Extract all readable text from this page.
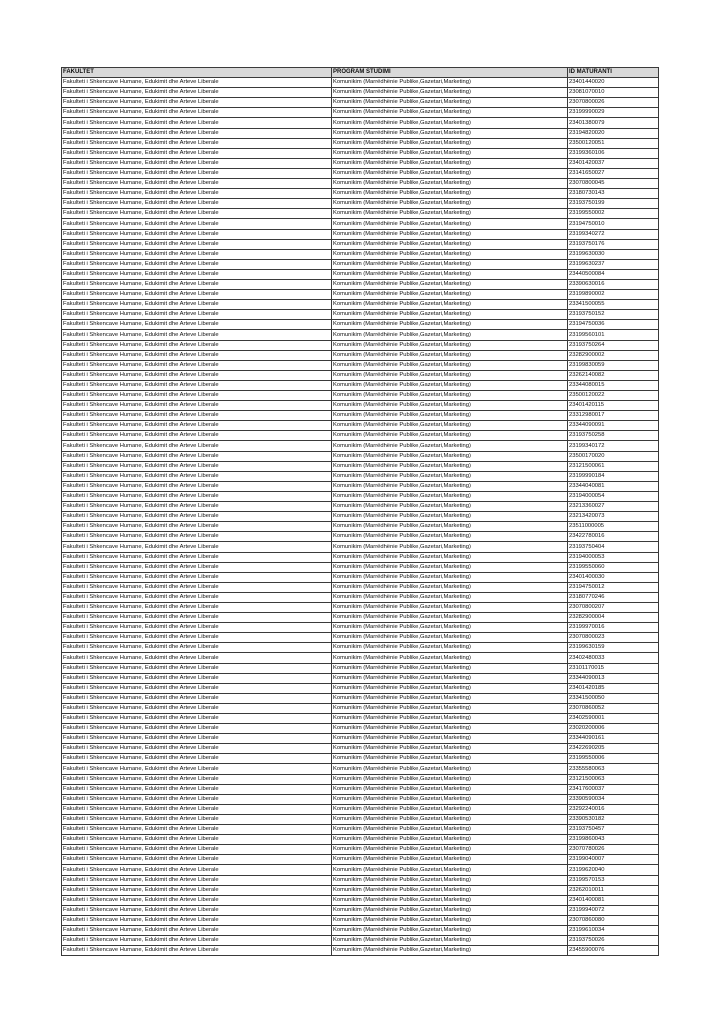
FAKULTET	PROGRAM STUDIMI	ID MATURANTI
Fakulteti i Shkencave Humane, Edukimit dhe Arteve Liberale	Komunikim (Marrëdhënie Publike,Gazetari,Marketing)	23401440020
Fakulteti i Shkencave Humane, Edukimit dhe Arteve Liberale	Komunikim (Marrëdhënie Publike,Gazetari,Marketing)	23081070010
Fakulteti i Shkencave Humane, Edukimit dhe Arteve Liberale	Komunikim (Marrëdhënie Publike,Gazetari,Marketing)	23070800026
Fakulteti i Shkencave Humane, Edukimit dhe Arteve Liberale	Komunikim (Marrëdhënie Publike,Gazetari,Marketing)	23199990029
Fakulteti i Shkencave Humane, Edukimit dhe Arteve Liberale	Komunikim (Marrëdhënie Publike,Gazetari,Marketing)	23401380079
Fakulteti i Shkencave Humane, Edukimit dhe Arteve Liberale	Komunikim (Marrëdhënie Publike,Gazetari,Marketing)	23194820020
Fakulteti i Shkencave Humane, Edukimit dhe Arteve Liberale	Komunikim (Marrëdhënie Publike,Gazetari,Marketing)	23500120051
Fakulteti i Shkencave Humane, Edukimit dhe Arteve Liberale	Komunikim (Marrëdhënie Publike,Gazetari,Marketing)	23199360106
Fakulteti i Shkencave Humane, Edukimit dhe Arteve Liberale	Komunikim (Marrëdhënie Publike,Gazetari,Marketing)	23401420037
Fakulteti i Shkencave Humane, Edukimit dhe Arteve Liberale	Komunikim (Marrëdhënie Publike,Gazetari,Marketing)	23141650027
Fakulteti i Shkencave Humane, Edukimit dhe Arteve Liberale	Komunikim (Marrëdhënie Publike,Gazetari,Marketing)	23070800045
Fakulteti i Shkencave Humane, Edukimit dhe Arteve Liberale	Komunikim (Marrëdhënie Publike,Gazetari,Marketing)	23180730143
Fakulteti i Shkencave Humane, Edukimit dhe Arteve Liberale	Komunikim (Marrëdhënie Publike,Gazetari,Marketing)	23193750199
Fakulteti i Shkencave Humane, Edukimit dhe Arteve Liberale	Komunikim (Marrëdhënie Publike,Gazetari,Marketing)	23199550002
Fakulteti i Shkencave Humane, Edukimit dhe Arteve Liberale	Komunikim (Marrëdhënie Publike,Gazetari,Marketing)	23194750010
Fakulteti i Shkencave Humane, Edukimit dhe Arteve Liberale	Komunikim (Marrëdhënie Publike,Gazetari,Marketing)	23199340272
Fakulteti i Shkencave Humane, Edukimit dhe Arteve Liberale	Komunikim (Marrëdhënie Publike,Gazetari,Marketing)	23193750176
Fakulteti i Shkencave Humane, Edukimit dhe Arteve Liberale	Komunikim (Marrëdhënie Publike,Gazetari,Marketing)	23199630030
Fakulteti i Shkencave Humane, Edukimit dhe Arteve Liberale	Komunikim (Marrëdhënie Publike,Gazetari,Marketing)	23199630237
Fakulteti i Shkencave Humane, Edukimit dhe Arteve Liberale	Komunikim (Marrëdhënie Publike,Gazetari,Marketing)	23440500084
Fakulteti i Shkencave Humane, Edukimit dhe Arteve Liberale	Komunikim (Marrëdhënie Publike,Gazetari,Marketing)	23390630016
Fakulteti i Shkencave Humane, Edukimit dhe Arteve Liberale	Komunikim (Marrëdhënie Publike,Gazetari,Marketing)	23199890002
Fakulteti i Shkencave Humane, Edukimit dhe Arteve Liberale	Komunikim (Marrëdhënie Publike,Gazetari,Marketing)	23341500055
Fakulteti i Shkencave Humane, Edukimit dhe Arteve Liberale	Komunikim (Marrëdhënie Publike,Gazetari,Marketing)	23193750152
Fakulteti i Shkencave Humane, Edukimit dhe Arteve Liberale	Komunikim (Marrëdhënie Publike,Gazetari,Marketing)	23194750036
Fakulteti i Shkencave Humane, Edukimit dhe Arteve Liberale	Komunikim (Marrëdhënie Publike,Gazetari,Marketing)	23199560101
Fakulteti i Shkencave Humane, Edukimit dhe Arteve Liberale	Komunikim (Marrëdhënie Publike,Gazetari,Marketing)	23193750264
Fakulteti i Shkencave Humane, Edukimit dhe Arteve Liberale	Komunikim (Marrëdhënie Publike,Gazetari,Marketing)	23282900002
Fakulteti i Shkencave Humane, Edukimit dhe Arteve Liberale	Komunikim (Marrëdhënie Publike,Gazetari,Marketing)	23199830059
Fakulteti i Shkencave Humane, Edukimit dhe Arteve Liberale	Komunikim (Marrëdhënie Publike,Gazetari,Marketing)	23262140082
Fakulteti i Shkencave Humane, Edukimit dhe Arteve Liberale	Komunikim (Marrëdhënie Publike,Gazetari,Marketing)	23344080015
Fakulteti i Shkencave Humane, Edukimit dhe Arteve Liberale	Komunikim (Marrëdhënie Publike,Gazetari,Marketing)	23500120022
Fakulteti i Shkencave Humane, Edukimit dhe Arteve Liberale	Komunikim (Marrëdhënie Publike,Gazetari,Marketing)	23401420115
Fakulteti i Shkencave Humane, Edukimit dhe Arteve Liberale	Komunikim (Marrëdhënie Publike,Gazetari,Marketing)	23312980017
Fakulteti i Shkencave Humane, Edukimit dhe Arteve Liberale	Komunikim (Marrëdhënie Publike,Gazetari,Marketing)	23344090091
Fakulteti i Shkencave Humane, Edukimit dhe Arteve Liberale	Komunikim (Marrëdhënie Publike,Gazetari,Marketing)	23193750258
Fakulteti i Shkencave Humane, Edukimit dhe Arteve Liberale	Komunikim (Marrëdhënie Publike,Gazetari,Marketing)	23199340172
Fakulteti i Shkencave Humane, Edukimit dhe Arteve Liberale	Komunikim (Marrëdhënie Publike,Gazetari,Marketing)	23500170020
Fakulteti i Shkencave Humane, Edukimit dhe Arteve Liberale	Komunikim (Marrëdhënie Publike,Gazetari,Marketing)	23121500061
Fakulteti i Shkencave Humane, Edukimit dhe Arteve Liberale	Komunikim (Marrëdhënie Publike,Gazetari,Marketing)	23199990184
Fakulteti i Shkencave Humane, Edukimit dhe Arteve Liberale	Komunikim (Marrëdhënie Publike,Gazetari,Marketing)	23344040081
Fakulteti i Shkencave Humane, Edukimit dhe Arteve Liberale	Komunikim (Marrëdhënie Publike,Gazetari,Marketing)	23194000054
Fakulteti i Shkencave Humane, Edukimit dhe Arteve Liberale	Komunikim (Marrëdhënie Publike,Gazetari,Marketing)	23213360027
Fakulteti i Shkencave Humane, Edukimit dhe Arteve Liberale	Komunikim (Marrëdhënie Publike,Gazetari,Marketing)	23213420073
Fakulteti i Shkencave Humane, Edukimit dhe Arteve Liberale	Komunikim (Marrëdhënie Publike,Gazetari,Marketing)	23511000005
Fakulteti i Shkencave Humane, Edukimit dhe Arteve Liberale	Komunikim (Marrëdhënie Publike,Gazetari,Marketing)	23422780016
Fakulteti i Shkencave Humane, Edukimit dhe Arteve Liberale	Komunikim (Marrëdhënie Publike,Gazetari,Marketing)	23193750404
Fakulteti i Shkencave Humane, Edukimit dhe Arteve Liberale	Komunikim (Marrëdhënie Publike,Gazetari,Marketing)	23194000053
Fakulteti i Shkencave Humane, Edukimit dhe Arteve Liberale	Komunikim (Marrëdhënie Publike,Gazetari,Marketing)	23199550060
Fakulteti i Shkencave Humane, Edukimit dhe Arteve Liberale	Komunikim (Marrëdhënie Publike,Gazetari,Marketing)	23401400030
Fakulteti i Shkencave Humane, Edukimit dhe Arteve Liberale	Komunikim (Marrëdhënie Publike,Gazetari,Marketing)	23194750012
Fakulteti i Shkencave Humane, Edukimit dhe Arteve Liberale	Komunikim (Marrëdhënie Publike,Gazetari,Marketing)	23180770246
Fakulteti i Shkencave Humane, Edukimit dhe Arteve Liberale	Komunikim (Marrëdhënie Publike,Gazetari,Marketing)	23070800207
Fakulteti i Shkencave Humane, Edukimit dhe Arteve Liberale	Komunikim (Marrëdhënie Publike,Gazetari,Marketing)	23282900004
Fakulteti i Shkencave Humane, Edukimit dhe Arteve Liberale	Komunikim (Marrëdhënie Publike,Gazetari,Marketing)	23199970016
Fakulteti i Shkencave Humane, Edukimit dhe Arteve Liberale	Komunikim (Marrëdhënie Publike,Gazetari,Marketing)	23070800023
Fakulteti i Shkencave Humane, Edukimit dhe Arteve Liberale	Komunikim (Marrëdhënie Publike,Gazetari,Marketing)	23199630159
Fakulteti i Shkencave Humane, Edukimit dhe Arteve Liberale	Komunikim (Marrëdhënie Publike,Gazetari,Marketing)	23402480033
Fakulteti i Shkencave Humane, Edukimit dhe Arteve Liberale	Komunikim (Marrëdhënie Publike,Gazetari,Marketing)	23101170015
Fakulteti i Shkencave Humane, Edukimit dhe Arteve Liberale	Komunikim (Marrëdhënie Publike,Gazetari,Marketing)	23344090013
Fakulteti i Shkencave Humane, Edukimit dhe Arteve Liberale	Komunikim (Marrëdhënie Publike,Gazetari,Marketing)	23401420185
Fakulteti i Shkencave Humane, Edukimit dhe Arteve Liberale	Komunikim (Marrëdhënie Publike,Gazetari,Marketing)	23341500050
Fakulteti i Shkencave Humane, Edukimit dhe Arteve Liberale	Komunikim (Marrëdhënie Publike,Gazetari,Marketing)	23070860052
Fakulteti i Shkencave Humane, Edukimit dhe Arteve Liberale	Komunikim (Marrëdhënie Publike,Gazetari,Marketing)	23402590001
Fakulteti i Shkencave Humane, Edukimit dhe Arteve Liberale	Komunikim (Marrëdhënie Publike,Gazetari,Marketing)	23020200006
Fakulteti i Shkencave Humane, Edukimit dhe Arteve Liberale	Komunikim (Marrëdhënie Publike,Gazetari,Marketing)	23344090161
Fakulteti i Shkencave Humane, Edukimit dhe Arteve Liberale	Komunikim (Marrëdhënie Publike,Gazetari,Marketing)	23422690205
Fakulteti i Shkencave Humane, Edukimit dhe Arteve Liberale	Komunikim (Marrëdhënie Publike,Gazetari,Marketing)	23199550006
Fakulteti i Shkencave Humane, Edukimit dhe Arteve Liberale	Komunikim (Marrëdhënie Publike,Gazetari,Marketing)	23355580063
Fakulteti i Shkencave Humane, Edukimit dhe Arteve Liberale	Komunikim (Marrëdhënie Publike,Gazetari,Marketing)	23121500063
Fakulteti i Shkencave Humane, Edukimit dhe Arteve Liberale	Komunikim (Marrëdhënie Publike,Gazetari,Marketing)	23417600037
Fakulteti i Shkencave Humane, Edukimit dhe Arteve Liberale	Komunikim (Marrëdhënie Publike,Gazetari,Marketing)	23390590034
Fakulteti i Shkencave Humane, Edukimit dhe Arteve Liberale	Komunikim (Marrëdhënie Publike,Gazetari,Marketing)	23292240016
Fakulteti i Shkencave Humane, Edukimit dhe Arteve Liberale	Komunikim (Marrëdhënie Publike,Gazetari,Marketing)	23390530182
Fakulteti i Shkencave Humane, Edukimit dhe Arteve Liberale	Komunikim (Marrëdhënie Publike,Gazetari,Marketing)	23193750457
Fakulteti i Shkencave Humane, Edukimit dhe Arteve Liberale	Komunikim (Marrëdhënie Publike,Gazetari,Marketing)	23199860043
Fakulteti i Shkencave Humane, Edukimit dhe Arteve Liberale	Komunikim (Marrëdhënie Publike,Gazetari,Marketing)	23070780026
Fakulteti i Shkencave Humane, Edukimit dhe Arteve Liberale	Komunikim (Marrëdhënie Publike,Gazetari,Marketing)	23199040007
Fakulteti i Shkencave Humane, Edukimit dhe Arteve Liberale	Komunikim (Marrëdhënie Publike,Gazetari,Marketing)	23199620040
Fakulteti i Shkencave Humane, Edukimit dhe Arteve Liberale	Komunikim (Marrëdhënie Publike,Gazetari,Marketing)	23199570153
Fakulteti i Shkencave Humane, Edukimit dhe Arteve Liberale	Komunikim (Marrëdhënie Publike,Gazetari,Marketing)	23262010011
Fakulteti i Shkencave Humane, Edukimit dhe Arteve Liberale	Komunikim (Marrëdhënie Publike,Gazetari,Marketing)	23401400081
Fakulteti i Shkencave Humane, Edukimit dhe Arteve Liberale	Komunikim (Marrëdhënie Publike,Gazetari,Marketing)	23199940072
Fakulteti i Shkencave Humane, Edukimit dhe Arteve Liberale	Komunikim (Marrëdhënie Publike,Gazetari,Marketing)	23070860080
Fakulteti i Shkencave Humane, Edukimit dhe Arteve Liberale	Komunikim (Marrëdhënie Publike,Gazetari,Marketing)	23199610034
Fakulteti i Shkencave Humane, Edukimit dhe Arteve Liberale	Komunikim (Marrëdhënie Publike,Gazetari,Marketing)	23193750026
Fakulteti i Shkencave Humane, Edukimit dhe Arteve Liberale	Komunikim (Marrëdhënie Publike,Gazetari,Marketing)	23455900076
